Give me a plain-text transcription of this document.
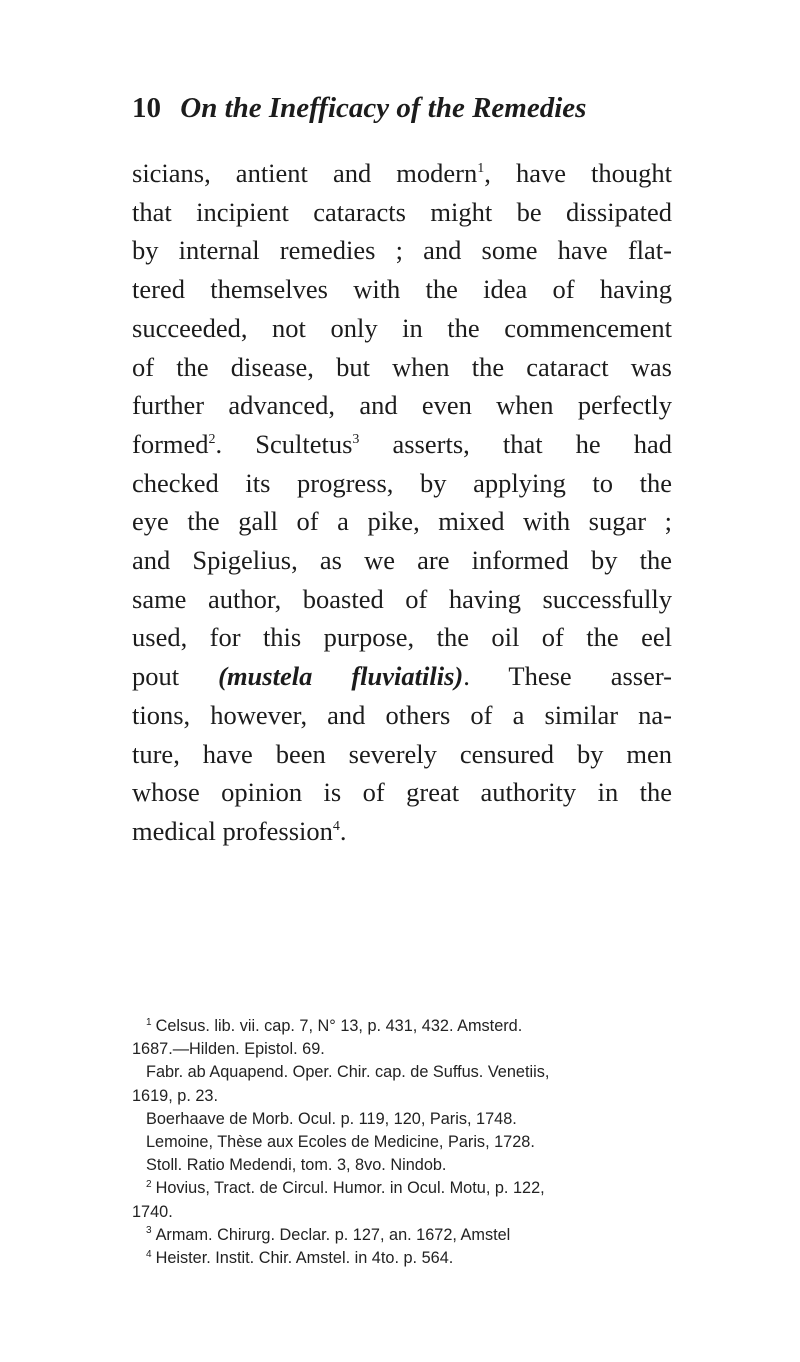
10 On the Inefficacy of the Remedies
sicians, antient and modern$^1$, have thought
that incipient cataracts might be dissipated
by internal remedies ; and some have flat-
tered themselves with the idea of having
succeeded, not only in the commencement
of the disease, but when the cataract was
further advanced, and even when perfectly
formed$^2$. Scultetus$^3$ asserts, that he had
checked its progress, by applying to the
eye the gall of a pike, mixed with sugar ;
and Spigelius, as we are informed by the
same author, boasted of having successfully
used, for this purpose, the oil of the eel
pout (mustela fluviatilis). These asser-
tions, however, and others of a similar na-
ture, have been severely censured by men
whose opinion is of great authority in the
medical profession$^4$.
$^1$ Celsus. lib. vii. cap. 7, N° 13, p. 431, 432. Amsterd.
1687.—Hilden. Epistol. 69.
Fabr. ab Aquapend. Oper. Chir. cap. de Suffus. Venetiis,
1619, p. 23.
Boerhaave de Morb. Ocul. p. 119, 120, Paris, 1748.
Lemoine, Thèse aux Ecoles de Medicine, Paris, 1728.
Stoll. Ratio Medendi, tom. 3, 8vo. Nindob.
$^2$ Hovius, Tract. de Circul. Humor. in Ocul. Motu, p. 122,
1740.
$^3$ Armam. Chirurg. Declar. p. 127, an. 1672, Amstel
$^4$ Heister. Instit. Chir. Amstel. in 4to. p. 564.
